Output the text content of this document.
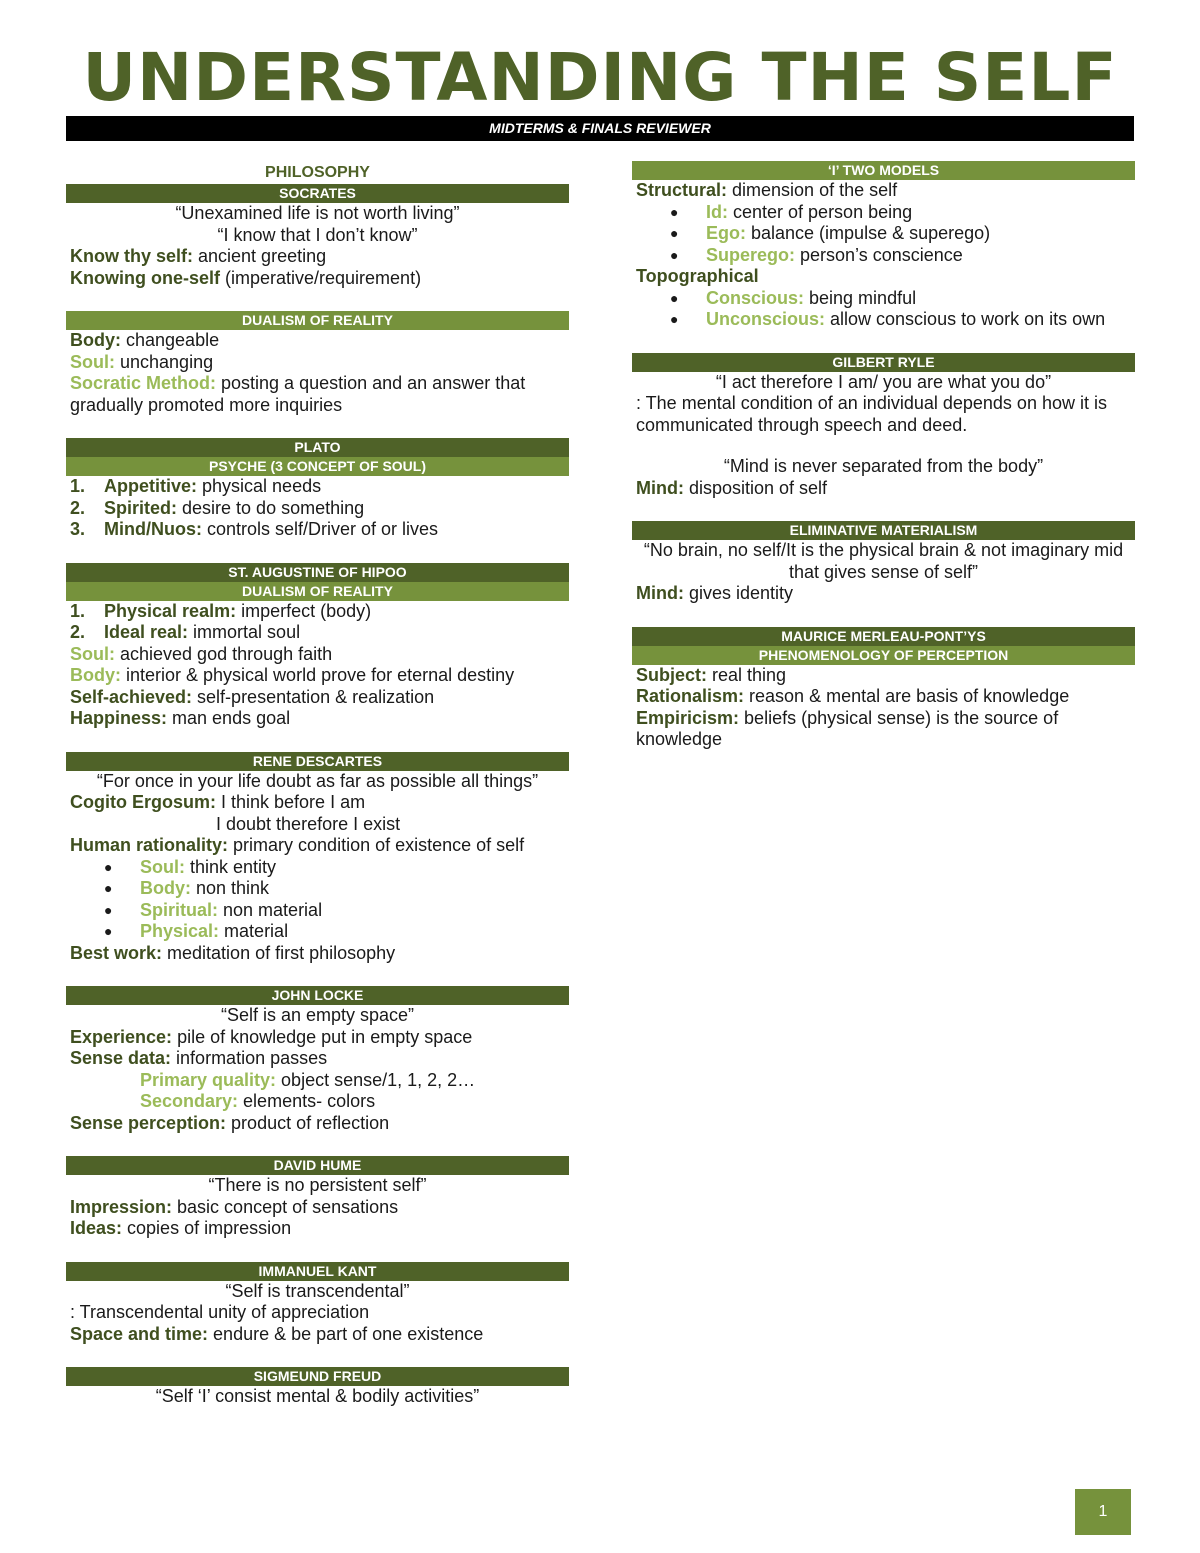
UNDERSTANDING THE SELF
MIDTERMS & FINALS REVIEWER
PHILOSOPHY
SOCRATES
“Unexamined life is not worth living”
“I know that I don’t know”
Know thy self: ancient greeting
Knowing one-self (imperative/requirement)
DUALISM OF REALITY
Body: changeable
Soul: unchanging
Socratic Method: posting a question and an answer that gradually promoted more inquiries
PLATO
PSYCHE (3 CONCEPT OF SOUL)
1. Appetitive: physical needs
2. Spirited: desire to do something
3. Mind/Nuos: controls self/Driver of or lives
ST. AUGUSTINE OF HIPOO
DUALISM OF REALITY
1. Physical realm: imperfect (body)
2. Ideal real: immortal soul
Soul: achieved god through faith
Body: interior & physical world prove for eternal destiny
Self-achieved: self-presentation & realization
Happiness: man ends goal
RENE DESCARTES
“For once in your life doubt as far as possible all things”
Cogito Ergosum: I think before I am
I doubt therefore I exist
Human rationality: primary condition of existence of self
● Soul: think entity
● Body: non think
● Spiritual: non material
● Physical: material
Best work: meditation of first philosophy
JOHN LOCKE
“Self is an empty space”
Experience: pile of knowledge put in empty space
Sense data: information passes
Primary quality: object sense/1, 1, 2, 2…
Secondary: elements- colors
Sense perception: product of reflection
DAVID HUME
“There is no persistent self”
Impression: basic concept of sensations
Ideas: copies of impression
IMMANUEL KANT
“Self is transcendental”
: Transcendental unity of appreciation
Space and time: endure & be part of one existence
SIGMEUND FREUD
“Self ‘I’ consist mental & bodily activities”
‘I’ TWO MODELS
Structural: dimension of the self
● Id: center of person being
● Ego: balance (impulse & superego)
● Superego: person’s conscience
Topographical
● Conscious: being mindful
● Unconscious: allow conscious to work on its own
GILBERT RYLE
“I act therefore I am/ you are what you do”
: The mental condition of an individual depends on how it is communicated through speech and deed.
“Mind is never separated from the body”
Mind: disposition of self
ELIMINATIVE MATERIALISM
“No brain, no self/It is the physical brain & not imaginary mid that gives sense of self”
Mind: gives identity
MAURICE MERLEAU-PONT’YS
PHENOMENOLOGY OF PERCEPTION
Subject: real thing
Rationalism: reason & mental are basis of knowledge
Empiricism: beliefs (physical sense) is the source of knowledge
1
